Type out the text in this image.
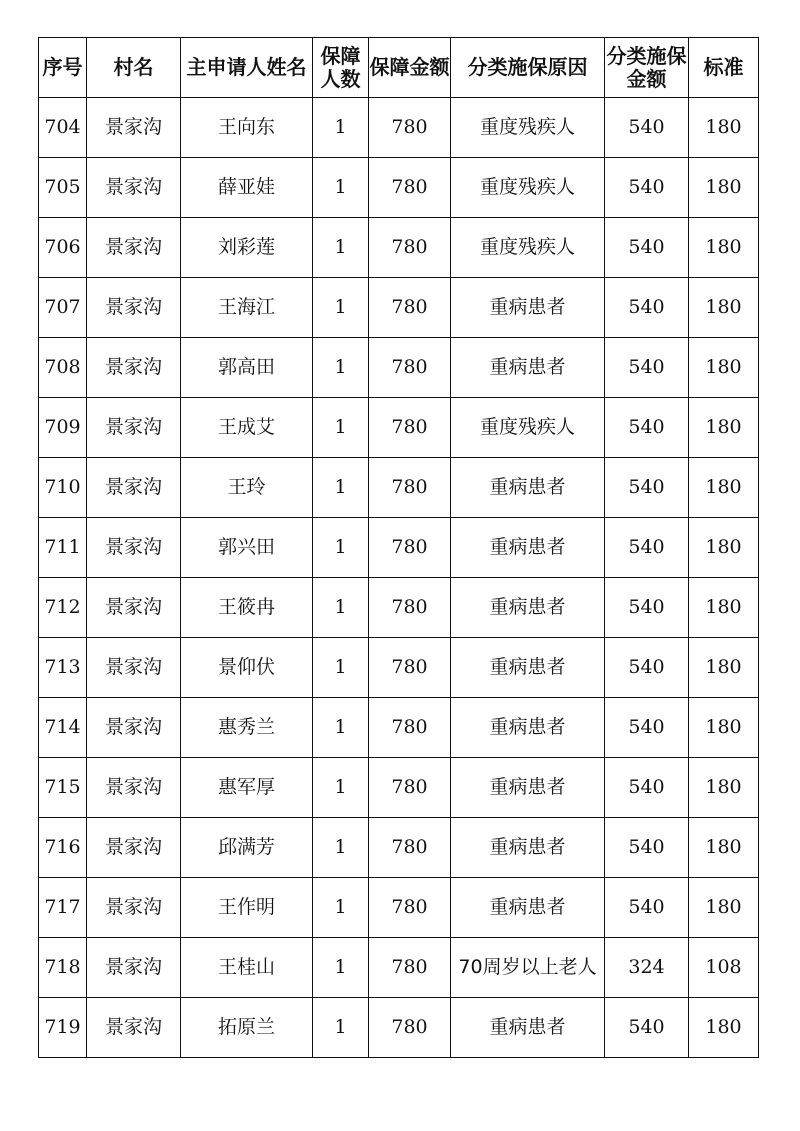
序号	村名	主申请人姓名	保障人数	保障金额	分类施保原因	分类施保金额	标准
704	景家沟	王向东	1	780	重度残疾人	540	180
705	景家沟	薛亚娃	1	780	重度残疾人	540	180
706	景家沟	刘彩莲	1	780	重度残疾人	540	180
707	景家沟	王海江	1	780	重病患者	540	180
708	景家沟	郭高田	1	780	重病患者	540	180
709	景家沟	王成艾	1	780	重度残疾人	540	180
710	景家沟	王玲	1	780	重病患者	540	180
711	景家沟	郭兴田	1	780	重病患者	540	180
712	景家沟	王筱冉	1	780	重病患者	540	180
713	景家沟	景仰伏	1	780	重病患者	540	180
714	景家沟	惠秀兰	1	780	重病患者	540	180
715	景家沟	惠军厚	1	780	重病患者	540	180
716	景家沟	邱满芳	1	780	重病患者	540	180
717	景家沟	王作明	1	780	重病患者	540	180
718	景家沟	王桂山	1	780	70周岁以上老人	324	108
719	景家沟	拓原兰	1	780	重病患者	540	180
